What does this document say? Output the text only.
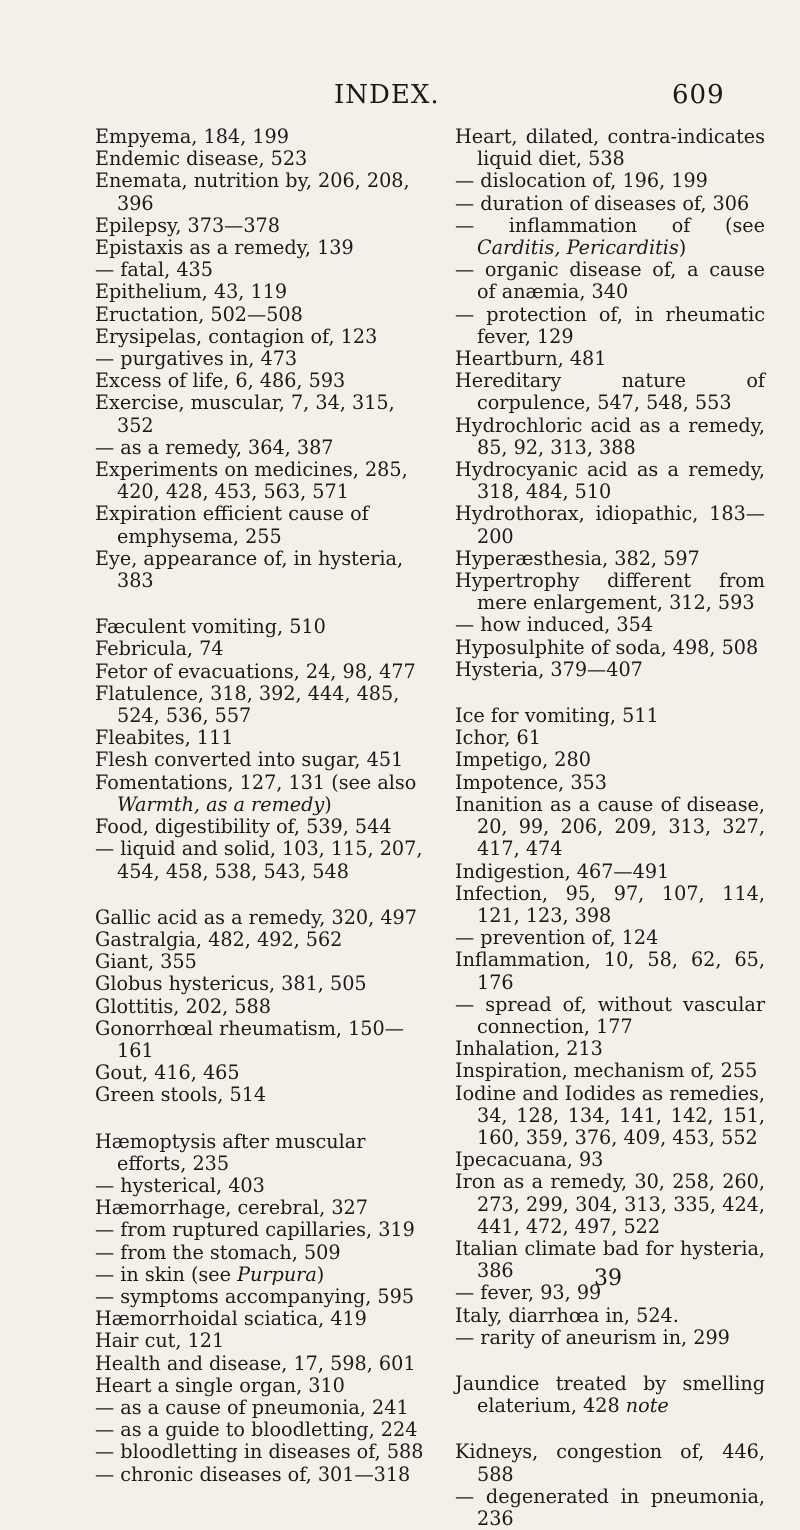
INDEX.	609
Empyema, 184, 199
Endemic disease, 523
Enemata, nutrition by, 206, 208, 396
Epilepsy, 373—378
Epistaxis as a remedy, 139
— fatal, 435
Epithelium, 43, 119
Eructation, 502—508
Erysipelas, contagion of, 123
— purgatives in, 473
Excess of life, 6, 486, 593
Exercise, muscular, 7, 34, 315, 352
— as a remedy, 364, 387
Experiments on medicines, 285, 420, 428, 453, 563, 571
Expiration efficient cause of emphysema, 255
Eye, appearance of, in hysteria, 383
Fæculent vomiting, 510
Febricula, 74
Fetor of evacuations, 24, 98, 477
Flatulence, 318, 392, 444, 485, 524, 536, 557
Fleabites, 111
Flesh converted into sugar, 451
Fomentations, 127, 131 (see also Warmth, as a remedy)
Food, digestibility of, 539, 544
— liquid and solid, 103, 115, 207, 454, 458, 538, 543, 548
Gallic acid as a remedy, 320, 497
Gastralgia, 482, 492, 562
Giant, 355
Globus hystericus, 381, 505
Glottitis, 202, 588
Gonorrhœal rheumatism, 150—161
Gout, 416, 465
Green stools, 514
Hæmoptysis after muscular efforts, 235
— hysterical, 403
Hæmorrhage, cerebral, 327
— from ruptured capillaries, 319
— from the stomach, 509
— in skin (see Purpura)
— symptoms accompanying, 595
Hæmorrhoidal sciatica, 419
Hair cut, 121
Health and disease, 17, 598, 601
Heart a single organ, 310
— as a cause of pneumonia, 241
— as a guide to bloodletting, 224
— bloodletting in diseases of, 588
— chronic diseases of, 301—318
Heart, dilated, contra-indicates liquid diet, 538
— dislocation of, 196, 199
— duration of diseases of, 306
— inflammation of (see Carditis, Pericarditis)
— organic disease of, a cause of anæmia, 340
— protection of, in rheumatic fever, 129
Heartburn, 481
Hereditary nature of corpulence, 547, 548, 553
Hydrochloric acid as a remedy, 85, 92, 313, 388
Hydrocyanic acid as a remedy, 318, 484, 510
Hydrothorax, idiopathic, 183—200
Hyperæsthesia, 382, 597
Hypertrophy different from mere enlargement, 312, 593
— how induced, 354
Hyposulphite of soda, 498, 508
Hysteria, 379—407
Ice for vomiting, 511
Ichor, 61
Impetigo, 280
Impotence, 353
Inanition as a cause of disease, 20, 99, 206, 209, 313, 327, 417, 474
Indigestion, 467—491
Infection, 95, 97, 107, 114, 121, 123, 398
— prevention of, 124
Inflammation, 10, 58, 62, 65, 176
— spread of, without vascular connection, 177
Inhalation, 213
Inspiration, mechanism of, 255
Iodine and Iodides as remedies, 34, 128, 134, 141, 142, 151, 160, 359, 376, 409, 453, 552
Ipecacuana, 93
Iron as a remedy, 30, 258, 260, 273, 299, 304, 313, 335, 424, 441, 472, 497, 522
Italian climate bad for hysteria, 386
— fever, 93, 99
Italy, diarrhœa in, 524.
— rarity of aneurism in, 299
Jaundice treated by smelling elaterium, 428 note
Kidneys, congestion of, 446, 588
— degenerated in pneumonia, 236
39
